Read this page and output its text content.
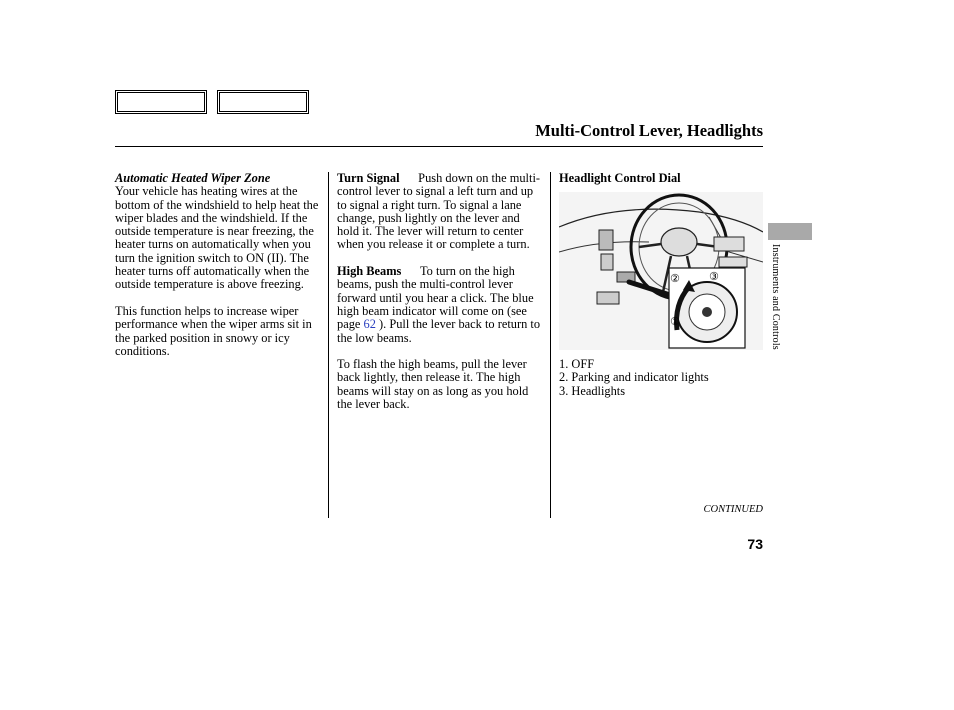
Multi-Control Lever, Headlights

Automatic Heated Wiper Zone

Your vehicle has heating wires at the bottom of the windshield to help heat the wiper blades and the windshield. If the outside temperature is near freezing, the heater turns on automatically when you turn the ignition switch to ON (II). The heater turns off automatically when the outside temperature is above freezing.

This function helps to increase wiper performance when the wiper arms sit in the parked position in snowy or icy conditions.

Turn Signal Push down on the multi-control lever to signal a left turn and up to signal a right turn. To signal a lane change, push lightly on the lever and hold it. The lever will return to center when you release it or complete a turn.

High Beams To turn on the high beams, push the multi-control lever forward until you hear a click. The blue high beam indicator will come on (see page 62 ). Pull the lever back to return to the low beams.

To flash the high beams, pull the lever back lightly, then release it. The high beams will stay on as long as you hold the lever back.

Headlight Control Dial

②	③
①
1. OFF
2. Parking and indicator lights
3. Headlights
Instruments and Controls
CONTINUED
73
